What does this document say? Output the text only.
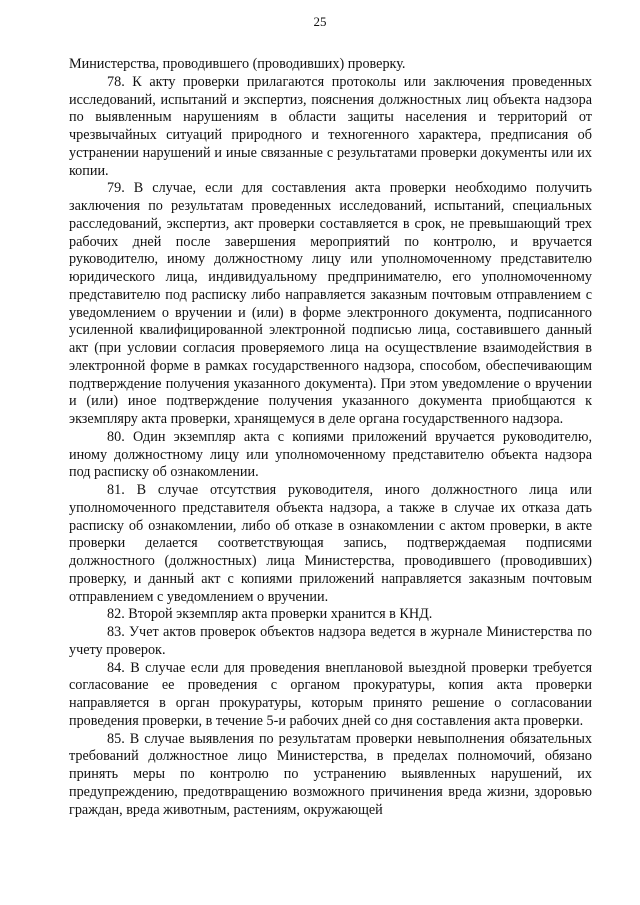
25

Министерства, проводившего (проводивших) проверку.

78. К акту проверки прилагаются протоколы или заключения проведенных исследований, испытаний и экспертиз, пояснения должностных лиц объекта надзора по выявленным нарушениям в области защиты населения и территорий от чрезвычайных ситуаций природного и техногенного характера, предписания об устранении нарушений и иные связанные с результатами проверки документы или их копии.

79. В случае, если для составления акта проверки необходимо получить заключения по результатам проведенных исследований, испытаний, специальных расследований, экспертиз, акт проверки составляется в срок, не превышающий трех рабочих дней после завершения мероприятий по контролю, и вручается руководителю, иному должностному лицу или уполномоченному представителю юридического лица, индивидуальному предпринимателю, его уполномоченному представителю под расписку либо направляется заказным почтовым отправлением с уведомлением о вручении и (или) в форме электронного документа, подписанного усиленной квалифицированной электронной подписью лица, составившего данный акт (при условии согласия проверяемого лица на осуществление взаимодействия в электронной форме в рамках государственного надзора, способом, обеспечивающим подтверждение получения указанного документа). При этом уведомление о вручении и (или) иное подтверждение получения указанного документа приобщаются к экземпляру акта проверки, хранящемуся в деле органа государственного надзора.

80. Один экземпляр акта с копиями приложений вручается руководителю, иному должностному лицу или уполномоченному представителю объекта надзора под расписку об ознакомлении.

81. В случае отсутствия руководителя, иного должностного лица или уполномоченного представителя объекта надзора, а также в случае их отказа дать расписку об ознакомлении, либо об отказе в ознакомлении с актом проверки, в акте проверки делается соответствующая запись, подтверждаемая подписями должностного (должностных) лица Министерства, проводившего (проводивших) проверку, и данный акт с копиями приложений направляется заказным почтовым отправлением с уведомлением о вручении.

82. Второй экземпляр акта проверки хранится в КНД.

83. Учет актов проверок объектов надзора ведется в журнале Министерства по учету проверок.

84. В случае если для проведения внеплановой выездной проверки требуется согласование ее проведения с органом прокуратуры, копия акта проверки направляется в орган прокуратуры, которым принято решение о согласовании проведения проверки, в течение 5-и рабочих дней со дня составления акта проверки.

85. В случае выявления по результатам проверки невыполнения обязательных требований должностное лицо Министерства, в пределах полномочий, обязано принять меры по контролю по устранению выявленных нарушений, их предупреждению, предотвращению возможного причинения вреда жизни, здоровью граждан, вреда животным, растениям, окружающей
